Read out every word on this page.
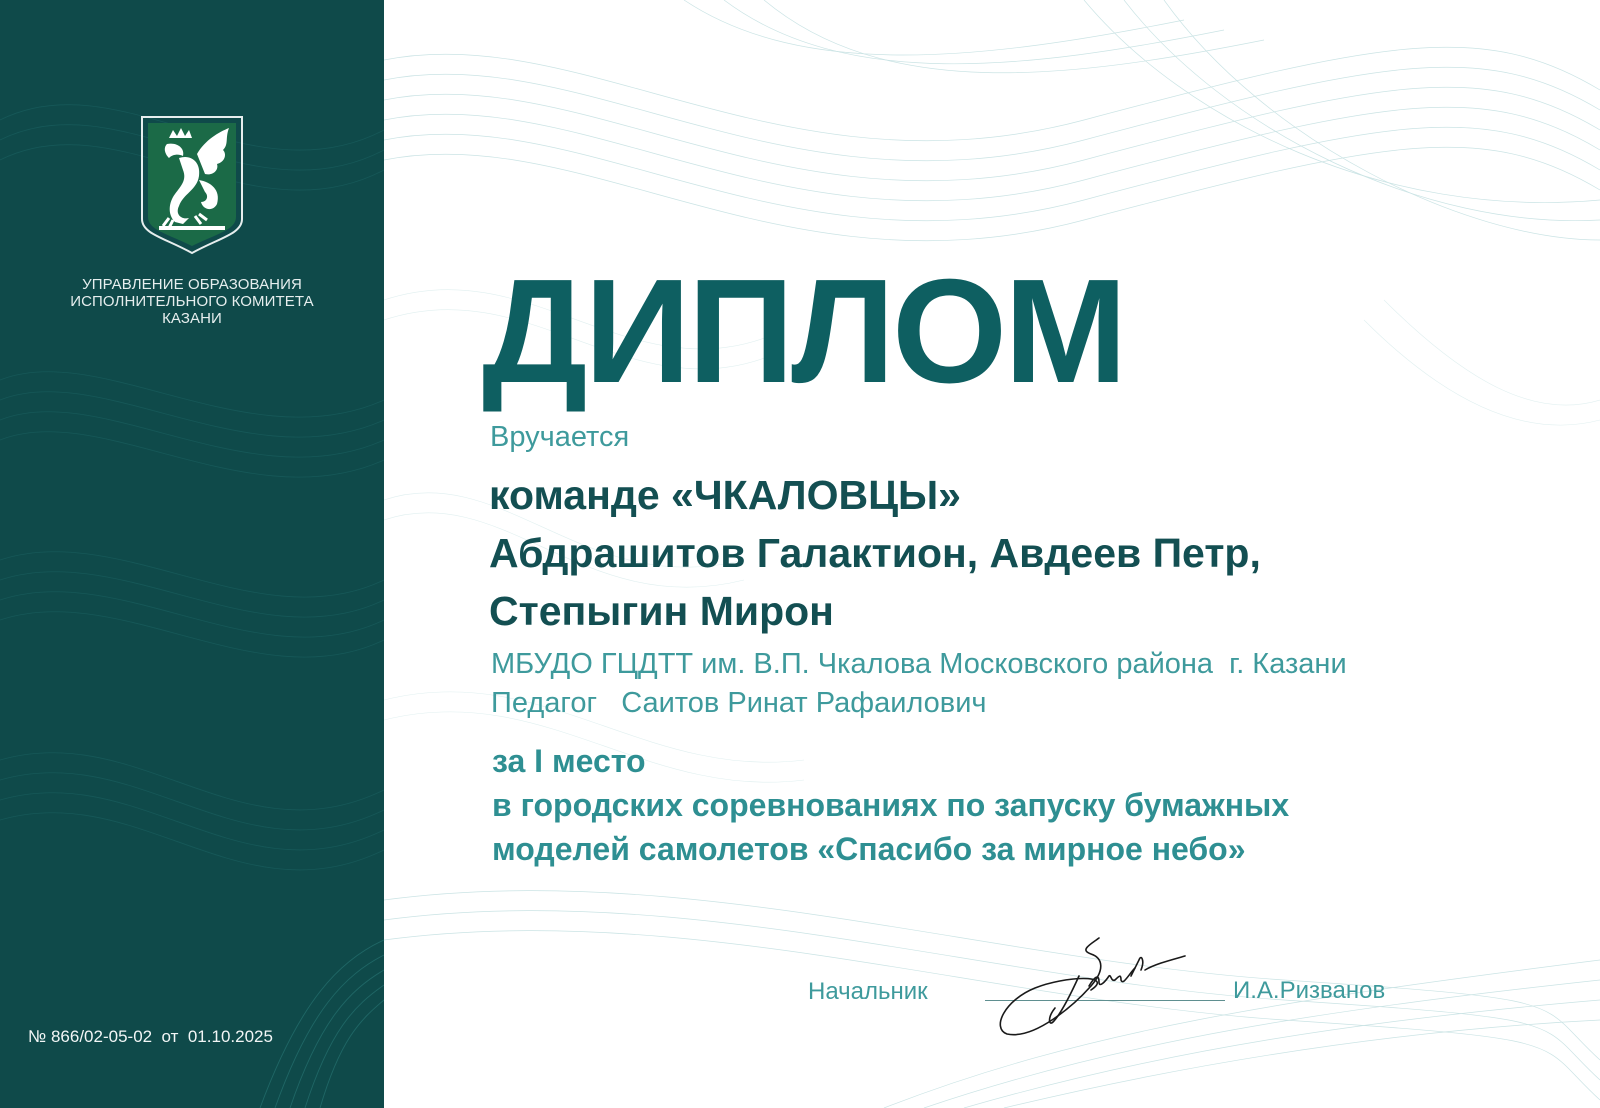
УПРАВЛЕНИЕ ОБРАЗОВАНИЯ
ИСПОЛНИТЕЛЬНОГО КОМИТЕТА
КАЗАНИ
№ 866/02-05-02  от  01.10.2025
ДИПЛОМ
Вручается
команде «ЧКАЛОВЦЫ»
Абдрашитов Галактион, Авдеев Петр,
Степыгин Мирон
МБУДО ГЦДТТ им. В.П. Чкалова Московского района  г. Казани
Педагог   Саитов Ринат Рафаилович
за I место
в городских соревнованиях по запуску бумажных
моделей самолетов «Спасибо за мирное небо»
Начальник	И.А.Ризванов
